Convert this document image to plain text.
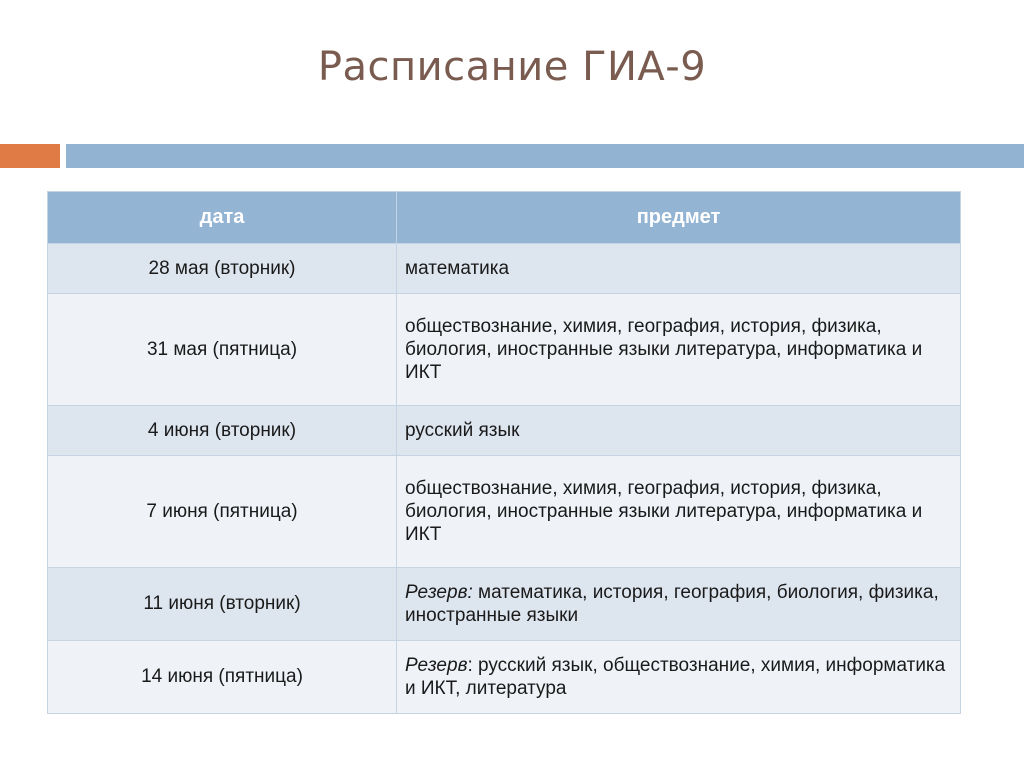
Расписание ГИА-9
дата	предмет
28 мая (вторник)	математика
31 мая (пятница)	обществознание, химия, география, история, физика, биология, иностранные языки литература, информатика и ИКТ
4 июня (вторник)	русский язык
7 июня (пятница)	обществознание, химия, география, история, физика, биология, иностранные языки литература, информатика и ИКТ
11 июня (вторник)	Резерв: математика, история, география, биология, физика, иностранные языки
14 июня (пятница)	Резерв: русский язык, обществознание, химия, информатика и ИКТ, литература
